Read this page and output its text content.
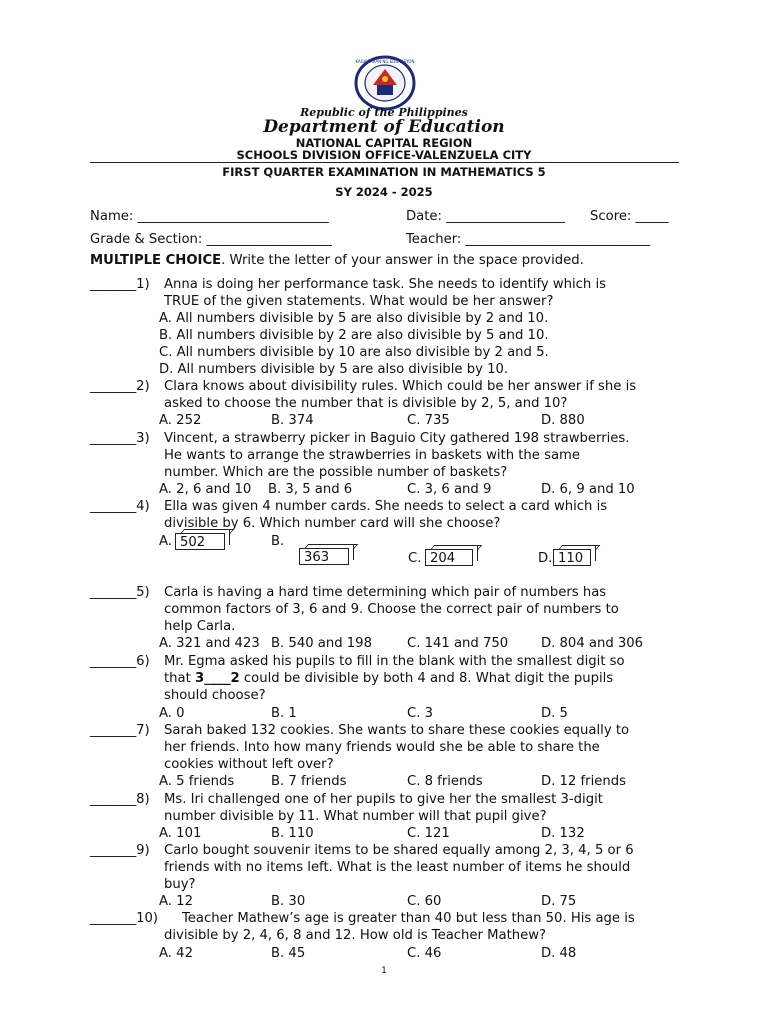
KAGAWARAN NG EDUKASYON
Republic of the Philippines
Department of Education
NATIONAL CAPITAL REGION
SCHOOLS DIVISION OFFICE-VALENZUELA CITY
FIRST QUARTER EXAMINATION IN MATHEMATICS 5
SY 2024 - 2025
Name: _____________________________	Date: __________________ Score: _____
Grade & Section: ___________________	Teacher: ____________________________
MULTIPLE CHOICE. Write the letter of your answer in the space provided.
_______1) Anna is doing her performance task. She needs to identify which is
TRUE of the given statements. What would be her answer?
A. All numbers divisible by 5 are also divisible by 2 and 10.
B. All numbers divisible by 2 are also divisible by 5 and 10.
C. All numbers divisible by 10 are also divisible by 2 and 5.
D. All numbers divisible by 5 are also divisible by 10.
_______2) Clara knows about divisibility rules. Which could be her answer if she is
asked to choose the number that is divisible by 2, 5, and 10?
A. 252	B. 374	C. 735	D. 880
_______3) Vincent, a strawberry picker in Baguio City gathered 198 strawberries.
He wants to arrange the strawberries in baskets with the same
number. Which are the possible number of baskets?
A. 2, 6 and 10 B. 3, 5 and 6	C. 3, 6 and 9	D. 6, 9 and 10
_______4) Ella was given 4 number cards. She needs to select a card which is
divisible by 6. Which number card will she choose?
A. 502	B.
363	C. 204	D. 110
_______5) Carla is having a hard time determining which pair of numbers has
common factors of 3, 6 and 9. Choose the correct pair of numbers to
help Carla.
A. 321 and 423 B. 540 and 198	C. 141 and 750 D. 804 and 306
_______6) Mr. Egma asked his pupils to fill in the blank with the smallest digit so
that 3____2 could be divisible by both 4 and 8. What digit the pupils
should choose?
A. 0	B. 1	C. 3	D. 5
_______7) Sarah baked 132 cookies. She wants to share these cookies equally to
her friends. Into how many friends would she be able to share the
cookies without left over?
A. 5 friends	B. 7 friends	C. 8 friends	D. 12 friends
_______8) Ms. Iri challenged one of her pupils to give her the smallest 3-digit
number divisible by 11. What number will that pupil give?
A. 101	B. 110	C. 121	D. 132
_______9) Carlo bought souvenir items to be shared equally among 2, 3, 4, 5 or 6
friends with no items left. What is the least number of items he should
buy?
A. 12	B. 30	C. 60	D. 75
_______10) Teacher Mathew’s age is greater than 40 but less than 50. His age is
divisible by 2, 4, 6, 8 and 12. How old is Teacher Mathew?
A. 42	B. 45	C. 46	D. 48
1
